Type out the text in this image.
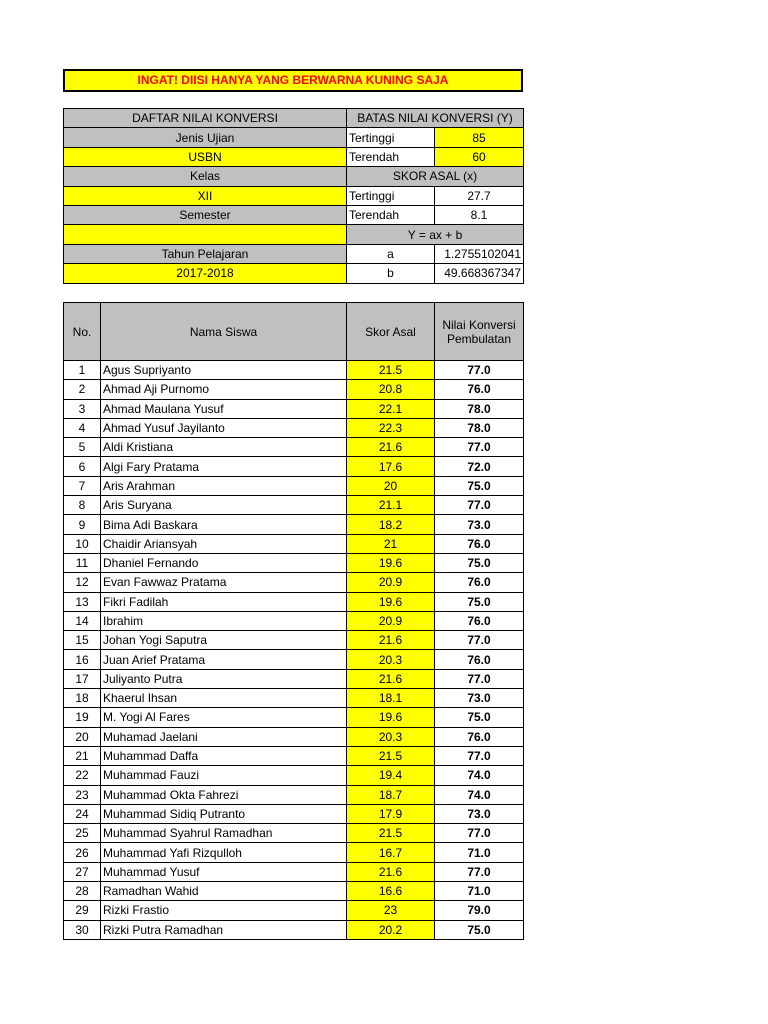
INGAT! DIISI HANYA YANG BERWARNA KUNING SAJA
DAFTAR NILAI KONVERSI	BATAS NILAI KONVERSI (Y)	
Jenis Ujian	Tertinggi	85
USBN	Terendah	60
Kelas	SKOR ASAL (x)	
XII	Tertinggi	27.7
Semester	Terendah	8.1
	Y = ax + b	
Tahun Pelajaran	a	1.2755102041
2017-2018	b	49.668367347
No.	Nama Siswa	Skor Asal	Nilai Konversi
Pembulatan
1	Agus Supriyanto	21.5	77.0
2	Ahmad Aji Purnomo	20.8	76.0
3	Ahmad Maulana Yusuf	22.1	78.0
4	Ahmad Yusuf Jayilanto	22.3	78.0
5	Aldi Kristiana	21.6	77.0
6	Algi Fary Pratama	17.6	72.0
7	Aris Arahman	20	75.0
8	Aris Suryana	21.1	77.0
9	Bima Adi Baskara	18.2	73.0
10	Chaidir Ariansyah	21	76.0
11	Dhaniel Fernando	19.6	75.0
12	Evan Fawwaz Pratama	20.9	76.0
13	Fikri Fadilah	19.6	75.0
14	Ibrahim	20.9	76.0
15	Johan Yogi Saputra	21.6	77.0
16	Juan Arief Pratama	20.3	76.0
17	Juliyanto Putra	21.6	77.0
18	Khaerul Ihsan	18.1	73.0
19	M. Yogi Al Fares	19.6	75.0
20	Muhamad Jaelani	20.3	76.0
21	Muhammad Daffa	21.5	77.0
22	Muhammad Fauzi	19.4	74.0
23	Muhammad Okta Fahrezi	18.7	74.0
24	Muhammad Sidiq Putranto	17.9	73.0
25	Muhammad Syahrul Ramadhan	21.5	77.0
26	Muhammad Yafi Rizqulloh	16.7	71.0
27	Muhammad Yusuf	21.6	77.0
28	Ramadhan Wahid	16.6	71.0
29	Rizki Frastio	23	79.0
30	Rizki Putra Ramadhan	20.2	75.0
